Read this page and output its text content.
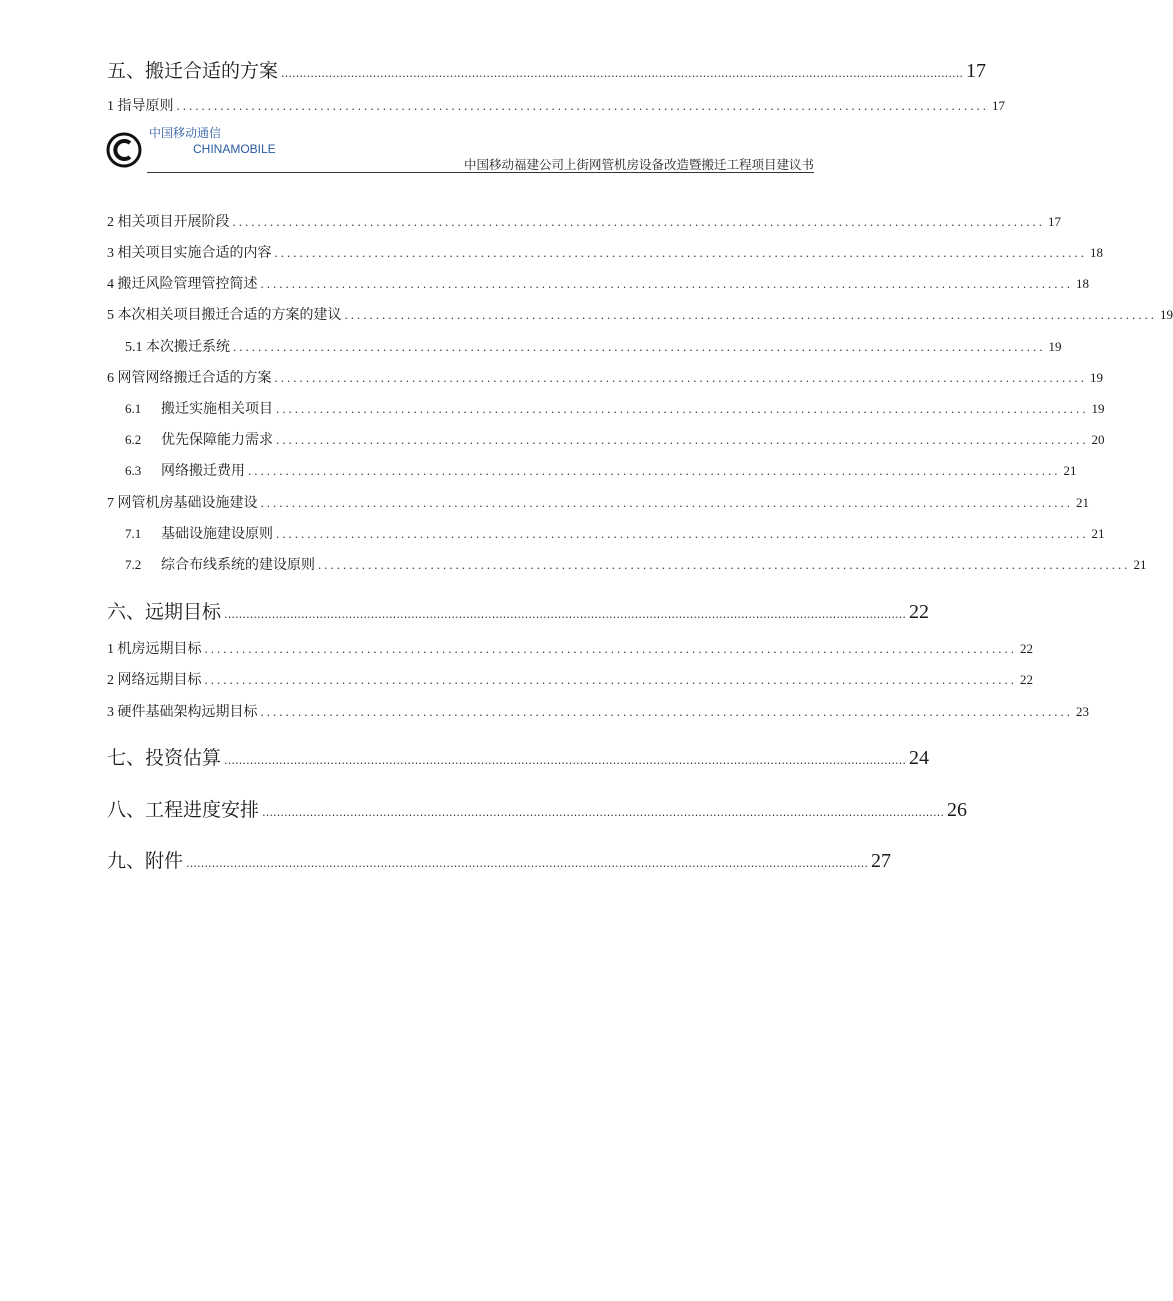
中国移动通信
CHINAMOBILE
中国移动福建公司上街网管机房设备改造暨搬迁工程项目建议书
五、搬迁合适的方案 …………………………………………………………………………………………………………………………………………………………………… 17
1 指导原则 .................................................................................................................................. 17
2 相关项目开展阶段 .................................................................................................................................. 17
3 相关项目实施合适的内容 .................................................................................................................................. 18
4 搬迁风险管理管控简述 .................................................................................................................................. 18
5 本次相关项目搬迁合适的方案的建议 .................................................................................................................................. 19
5.1 本次搬迁系统 .................................................................................................................................. 19
6 网管网络搬迁合适的方案 .................................................................................................................................. 19
6.1 搬迁实施相关项目 .................................................................................................................................. 19
6.2 优先保障能力需求 .................................................................................................................................. 20
6.3 网络搬迁费用 .................................................................................................................................. 21
7 网管机房基础设施建设 .................................................................................................................................. 21
7.1 基础设施建设原则 .................................................................................................................................. 21
7.2 综合布线系统的建设原则 .................................................................................................................................. 21
六、远期目标 …………………………………………………………………………………………………………………………………………………………………… 22
1 机房远期目标 .................................................................................................................................. 22
2 网络远期目标 .................................................................................................................................. 22
3 硬件基础架构远期目标 .................................................................................................................................. 23
七、投资估算 …………………………………………………………………………………………………………………………………………………………………… 24
八、工程进度安排 …………………………………………………………………………………………………………………………………………………………………… 26
九、附件 …………………………………………………………………………………………………………………………………………………………………… 27
